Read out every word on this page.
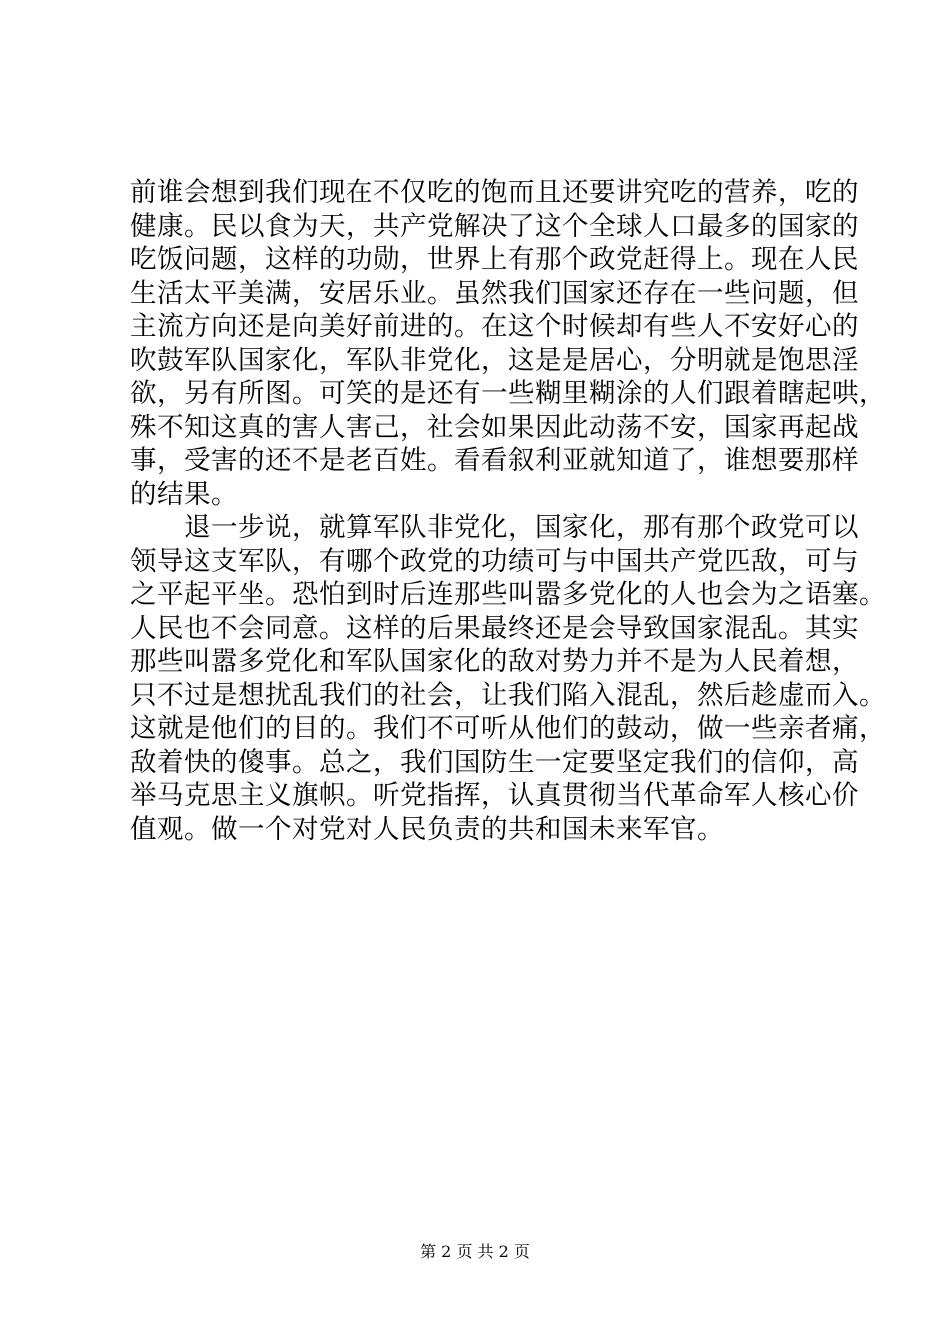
前谁会想到我们现在不仅吃的饱而且还要讲究吃的营养，吃的
健康。民以食为天，共产党解决了这个全球人口最多的国家的
吃饭问题，这样的功勋，世界上有那个政党赶得上。现在人民
生活太平美满，安居乐业。虽然我们国家还存在一些问题，但
主流方向还是向美好前进的。在这个时候却有些人不安好心的
吹鼓军队国家化，军队非党化，这是是居心，分明就是饱思淫
欲，另有所图。可笑的是还有一些糊里糊涂的人们跟着瞎起哄，
殊不知这真的害人害己，社会如果因此动荡不安，国家再起战
事，受害的还不是老百姓。看看叙利亚就知道了，谁想要那样
的结果。
　　退一步说，就算军队非党化，国家化，那有那个政党可以
领导这支军队，有哪个政党的功绩可与中国共产党匹敌，可与
之平起平坐。恐怕到时后连那些叫嚣多党化的人也会为之语塞。
人民也不会同意。这样的后果最终还是会导致国家混乱。其实
那些叫嚣多党化和军队国家化的敌对势力并不是为人民着想，
只不过是想扰乱我们的社会，让我们陷入混乱，然后趁虚而入。
这就是他们的目的。我们不可听从他们的鼓动，做一些亲者痛，
敌着快的傻事。总之，我们国防生一定要坚定我们的信仰，高
举马克思主义旗帜。听党指挥，认真贯彻当代革命军人核心价
值观。做一个对党对人民负责的共和国未来军官。
第 2 页 共 2 页
